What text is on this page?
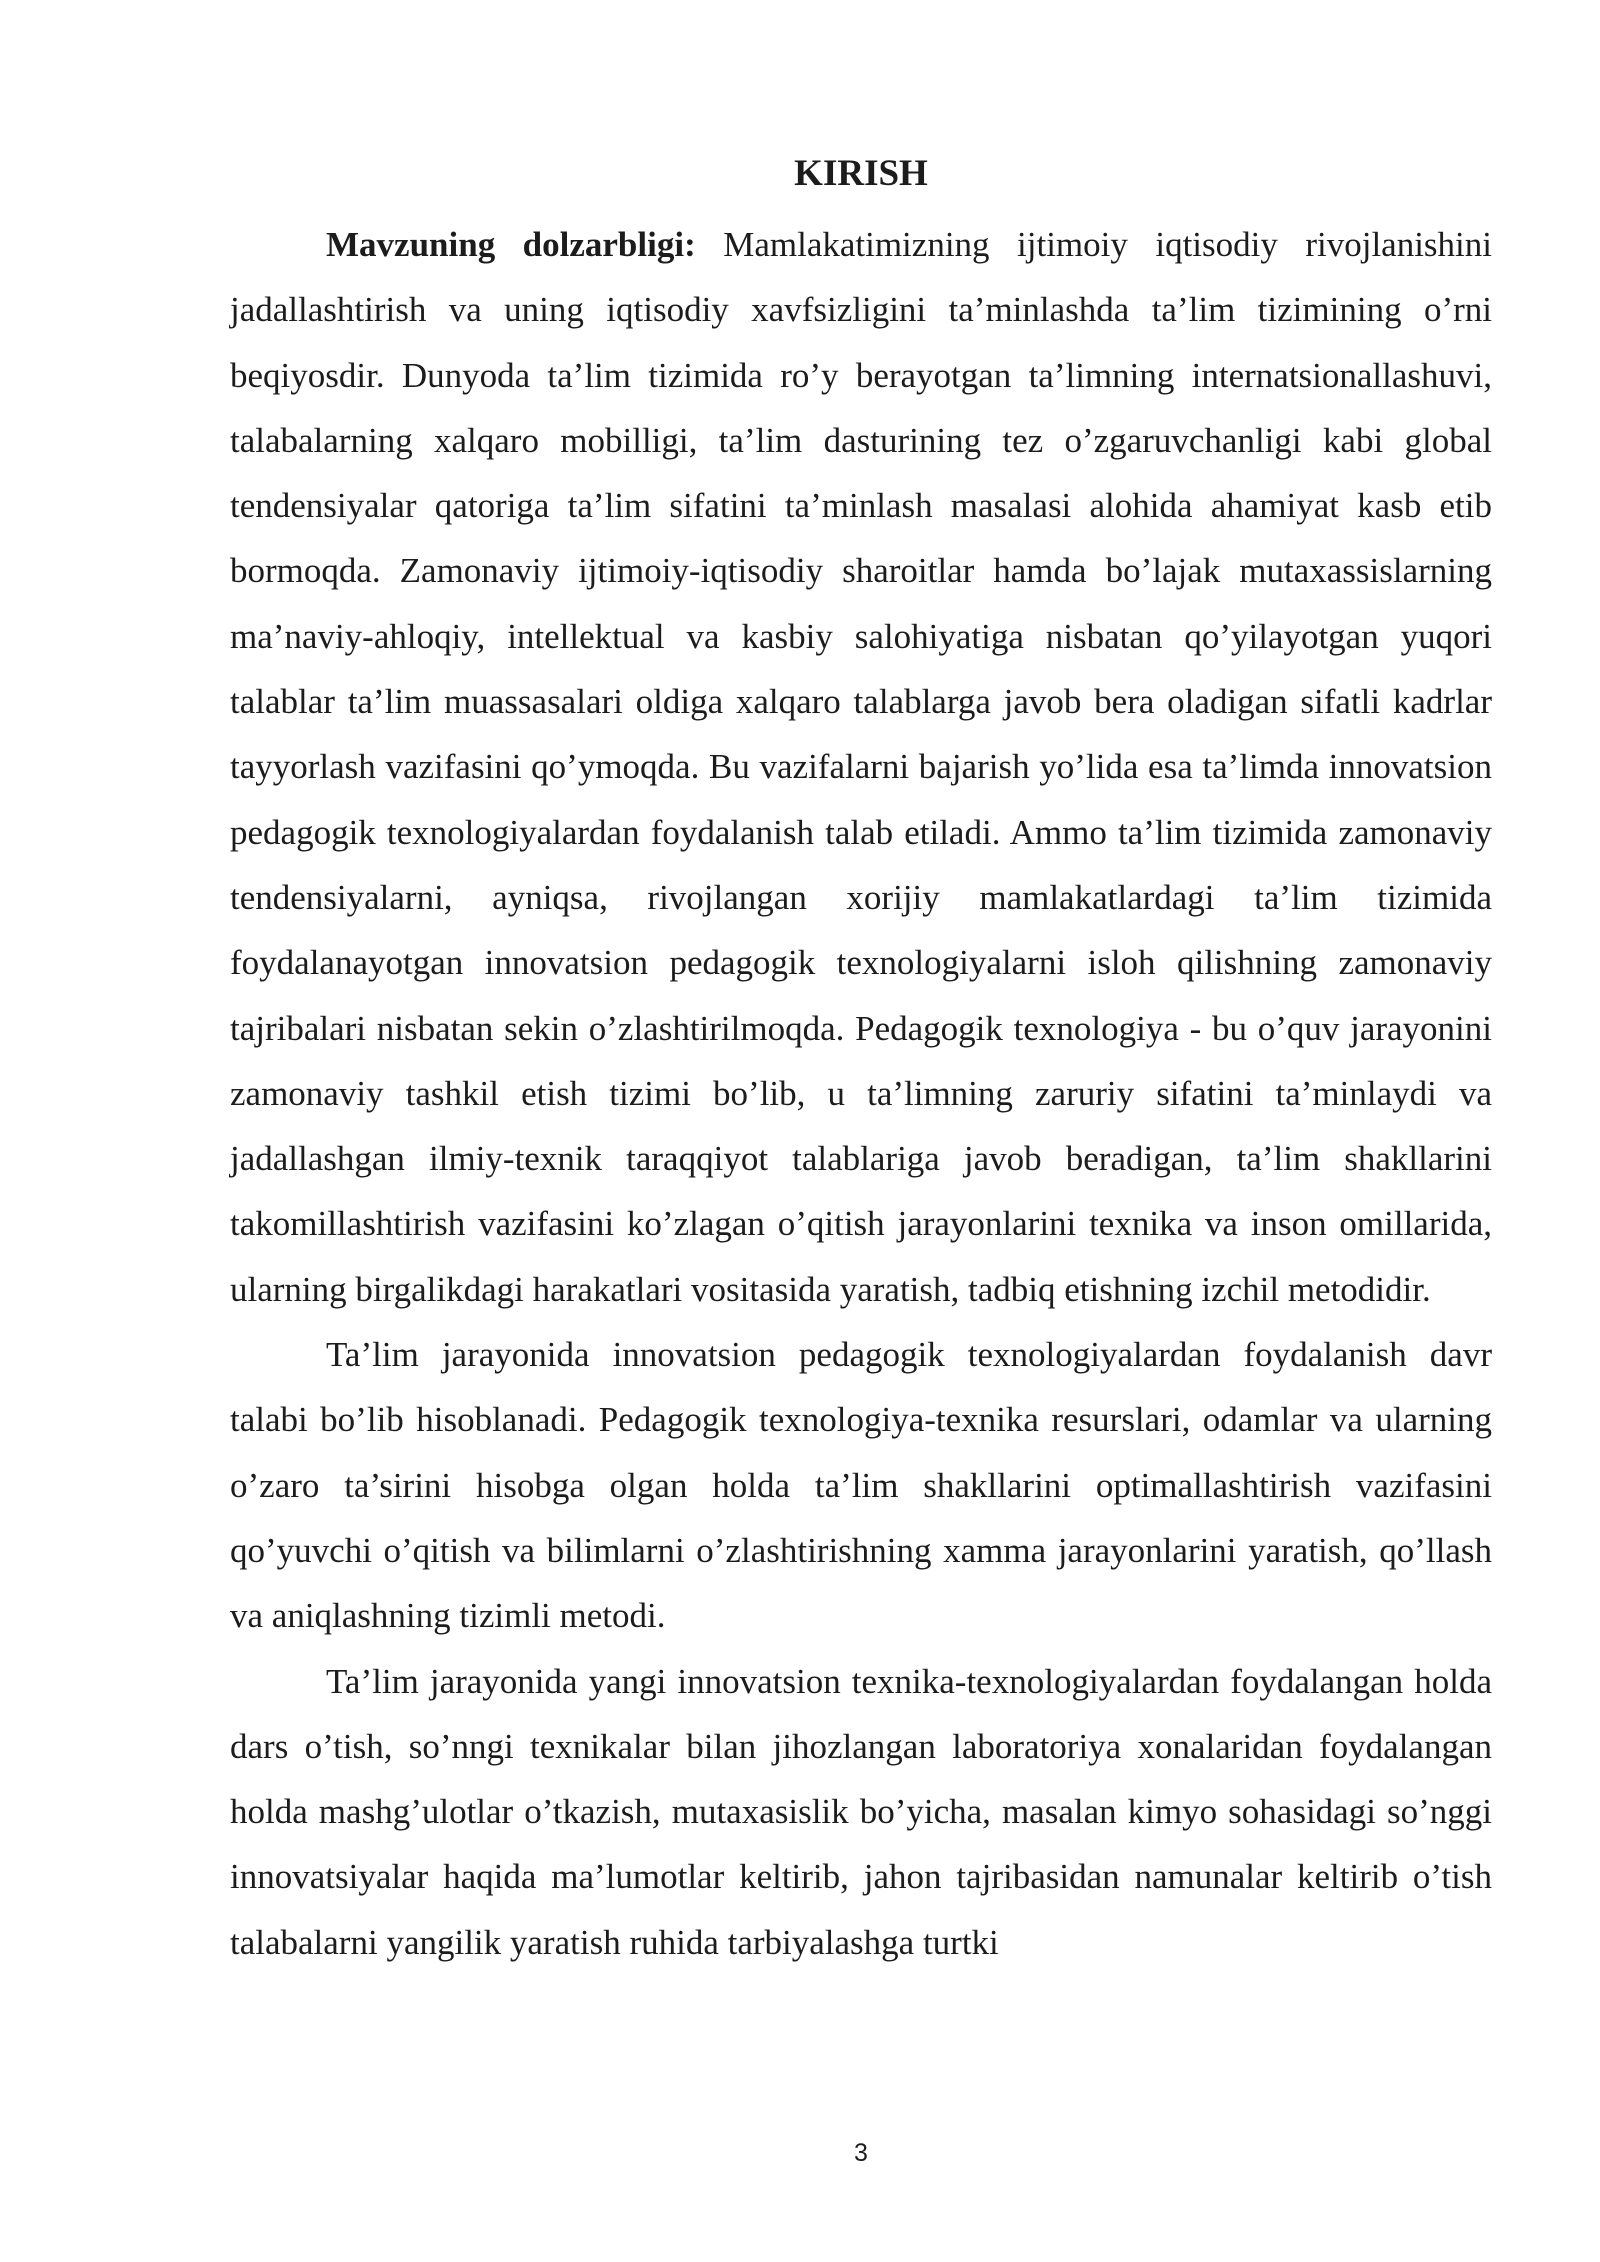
KIRISH

Mavzuning dolzarbligi: Mamlakatimizning ijtimoiy iqtisodiy rivojlanishini jadallashtirish va uning iqtisodiy xavfsizligini ta’minlashda ta’lim tizimining o’rni beqiyosdir. Dunyoda ta’lim tizimida ro’y berayotgan ta’limning internatsionallashuvi, talabalarning xalqaro mobilligi, ta’lim dasturining tez o’zgaruvchanligi kabi global tendensiyalar qatoriga ta’lim sifatini ta’minlash masalasi alohida ahamiyat kasb etib bormoqda. Zamonaviy ijtimoiy-iqtisodiy sharoitlar hamda bo’lajak mutaxassislarning ma’naviy-ahloqiy, intellektual va kasbiy salohiyatiga nisbatan qo’yilayotgan yuqori talablar ta’lim muassasalari oldiga xalqaro talablarga javob bera oladigan sifatli kadrlar tayyorlash vazifasini qo’ymoqda. Bu vazifalarni bajarish yo’lida esa ta’limda innovatsion pedagogik texnologiyalardan foydalanish talab etiladi. Ammo ta’lim tizimida zamonaviy tendensiyalarni, ayniqsa, rivojlangan xorijiy mamlakatlardagi ta’lim tizimida foydalanayotgan innovatsion pedagogik texnologiyalarni isloh qilishning zamonaviy tajribalari nisbatan sekin o’zlashtirilmoqda. Pedagogik texnologiya - bu o’quv jarayonini zamonaviy tashkil etish tizimi bo’lib, u ta’limning zaruriy sifatini ta’minlaydi va jadallashgan ilmiy-texnik taraqqiyot talablariga javob beradigan, ta’lim shakllarini takomillashtirish vazifasini ko’zlagan o’qitish jarayonlarini texnika va inson omillarida, ularning birgalikdagi harakatlari vositasida yaratish, tadbiq etishning izchil metodidir.

Ta’lim jarayonida innovatsion pedagogik texnologiyalardan foydalanish davr talabi bo’lib hisoblanadi. Pedagogik texnologiya-texnika resurslari, odamlar va ularning o’zaro ta’sirini hisobga olgan holda ta’lim shakllarini optimallashtirish vazifasini qo’yuvchi o’qitish va bilimlarni o’zlashtirishning xamma jarayonlarini yaratish, qo’llash va aniqlashning tizimli metodi.

Ta’lim jarayonida yangi innovatsion texnika-texnologiyalardan foydalangan holda dars o’tish, so’nngi texnikalar bilan jihozlangan laboratoriya xonalaridan foydalangan holda mashg’ulotlar o’tkazish, mutaxasislik bo’yicha, masalan kimyo sohasidagi so’nggi innovatsiyalar haqida ma’lumotlar keltirib, jahon tajribasidan namunalar keltirib o’tish talabalarni yangilik yaratish ruhida tarbiyalashga turtki

3
